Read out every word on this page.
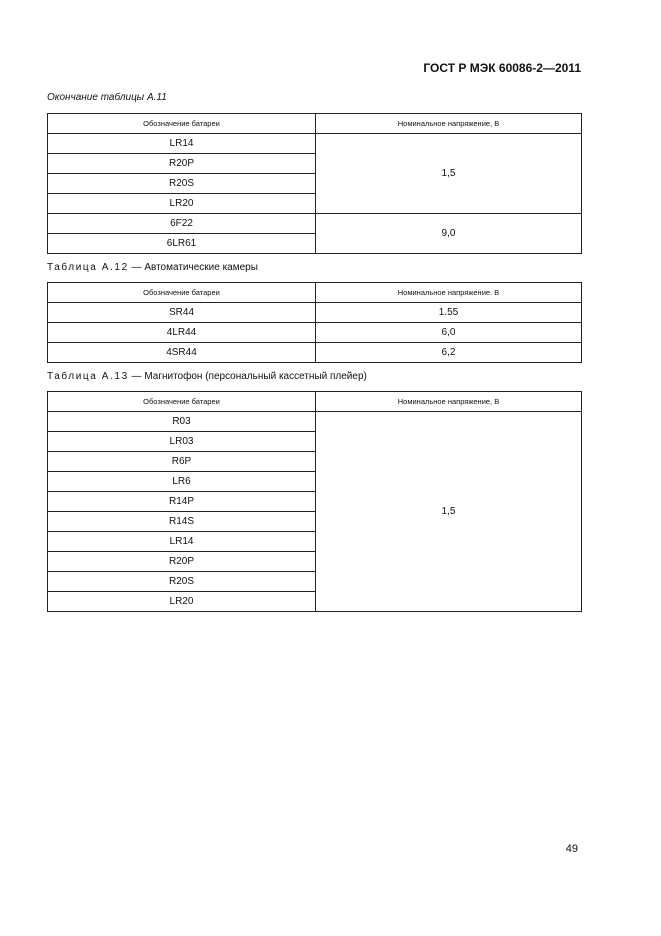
ГОСТ Р МЭК 60086-2—2011
Окончание таблицы А.11
Обозначение батареи	Номинальное напряжение, В
LR14	1,5
R20P	
R20S	
LR20	
6F22	9,0
6LR61	
Таблица А.12 — Автоматические камеры
Обозначение батареи	Номинальное напряжение. В
SR44	1.55
4LR44	6,0
4SR44	6,2
Таблица А.13 — Магнитофон (персональный кассетный плейер)
Обозначение батареи	Номинальное напряжение, В
R03	1,5
LR03	
R6P	
LR6	
R14P	
R14S	
LR14	
R20P	
R20S	
LR20	
49
